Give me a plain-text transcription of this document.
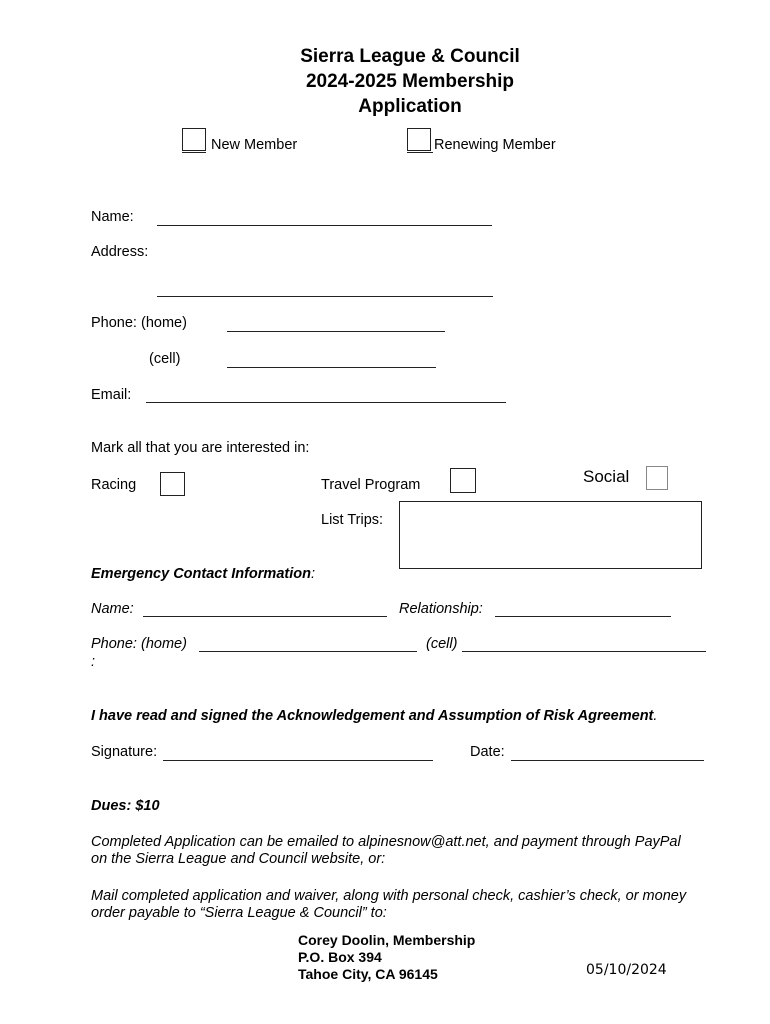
Sierra League & Council
2024-2025 Membership
Application
New Member	Renewing Member
Name:
Address:
Phone: (home)
(cell)
Email:
Mark all that you are interested in:
Racing	Travel Program	Social
List Trips:
Emergency Contact Information:
Name:	Relationship:
Phone: (home)	(cell)
:
I have read and signed the Acknowledgement and Assumption of Risk Agreement.
Signature:	Date:
Dues: $10
Completed Application can be emailed to alpinesnow@att.net, and payment through PayPal
on the Sierra League and Council website, or:
Mail completed application and waiver, along with personal check, cashier’s check, or money
order payable to “Sierra League & Council” to:
Corey Doolin, Membership
P.O. Box 394
Tahoe City, CA 96145	05/10/2024
